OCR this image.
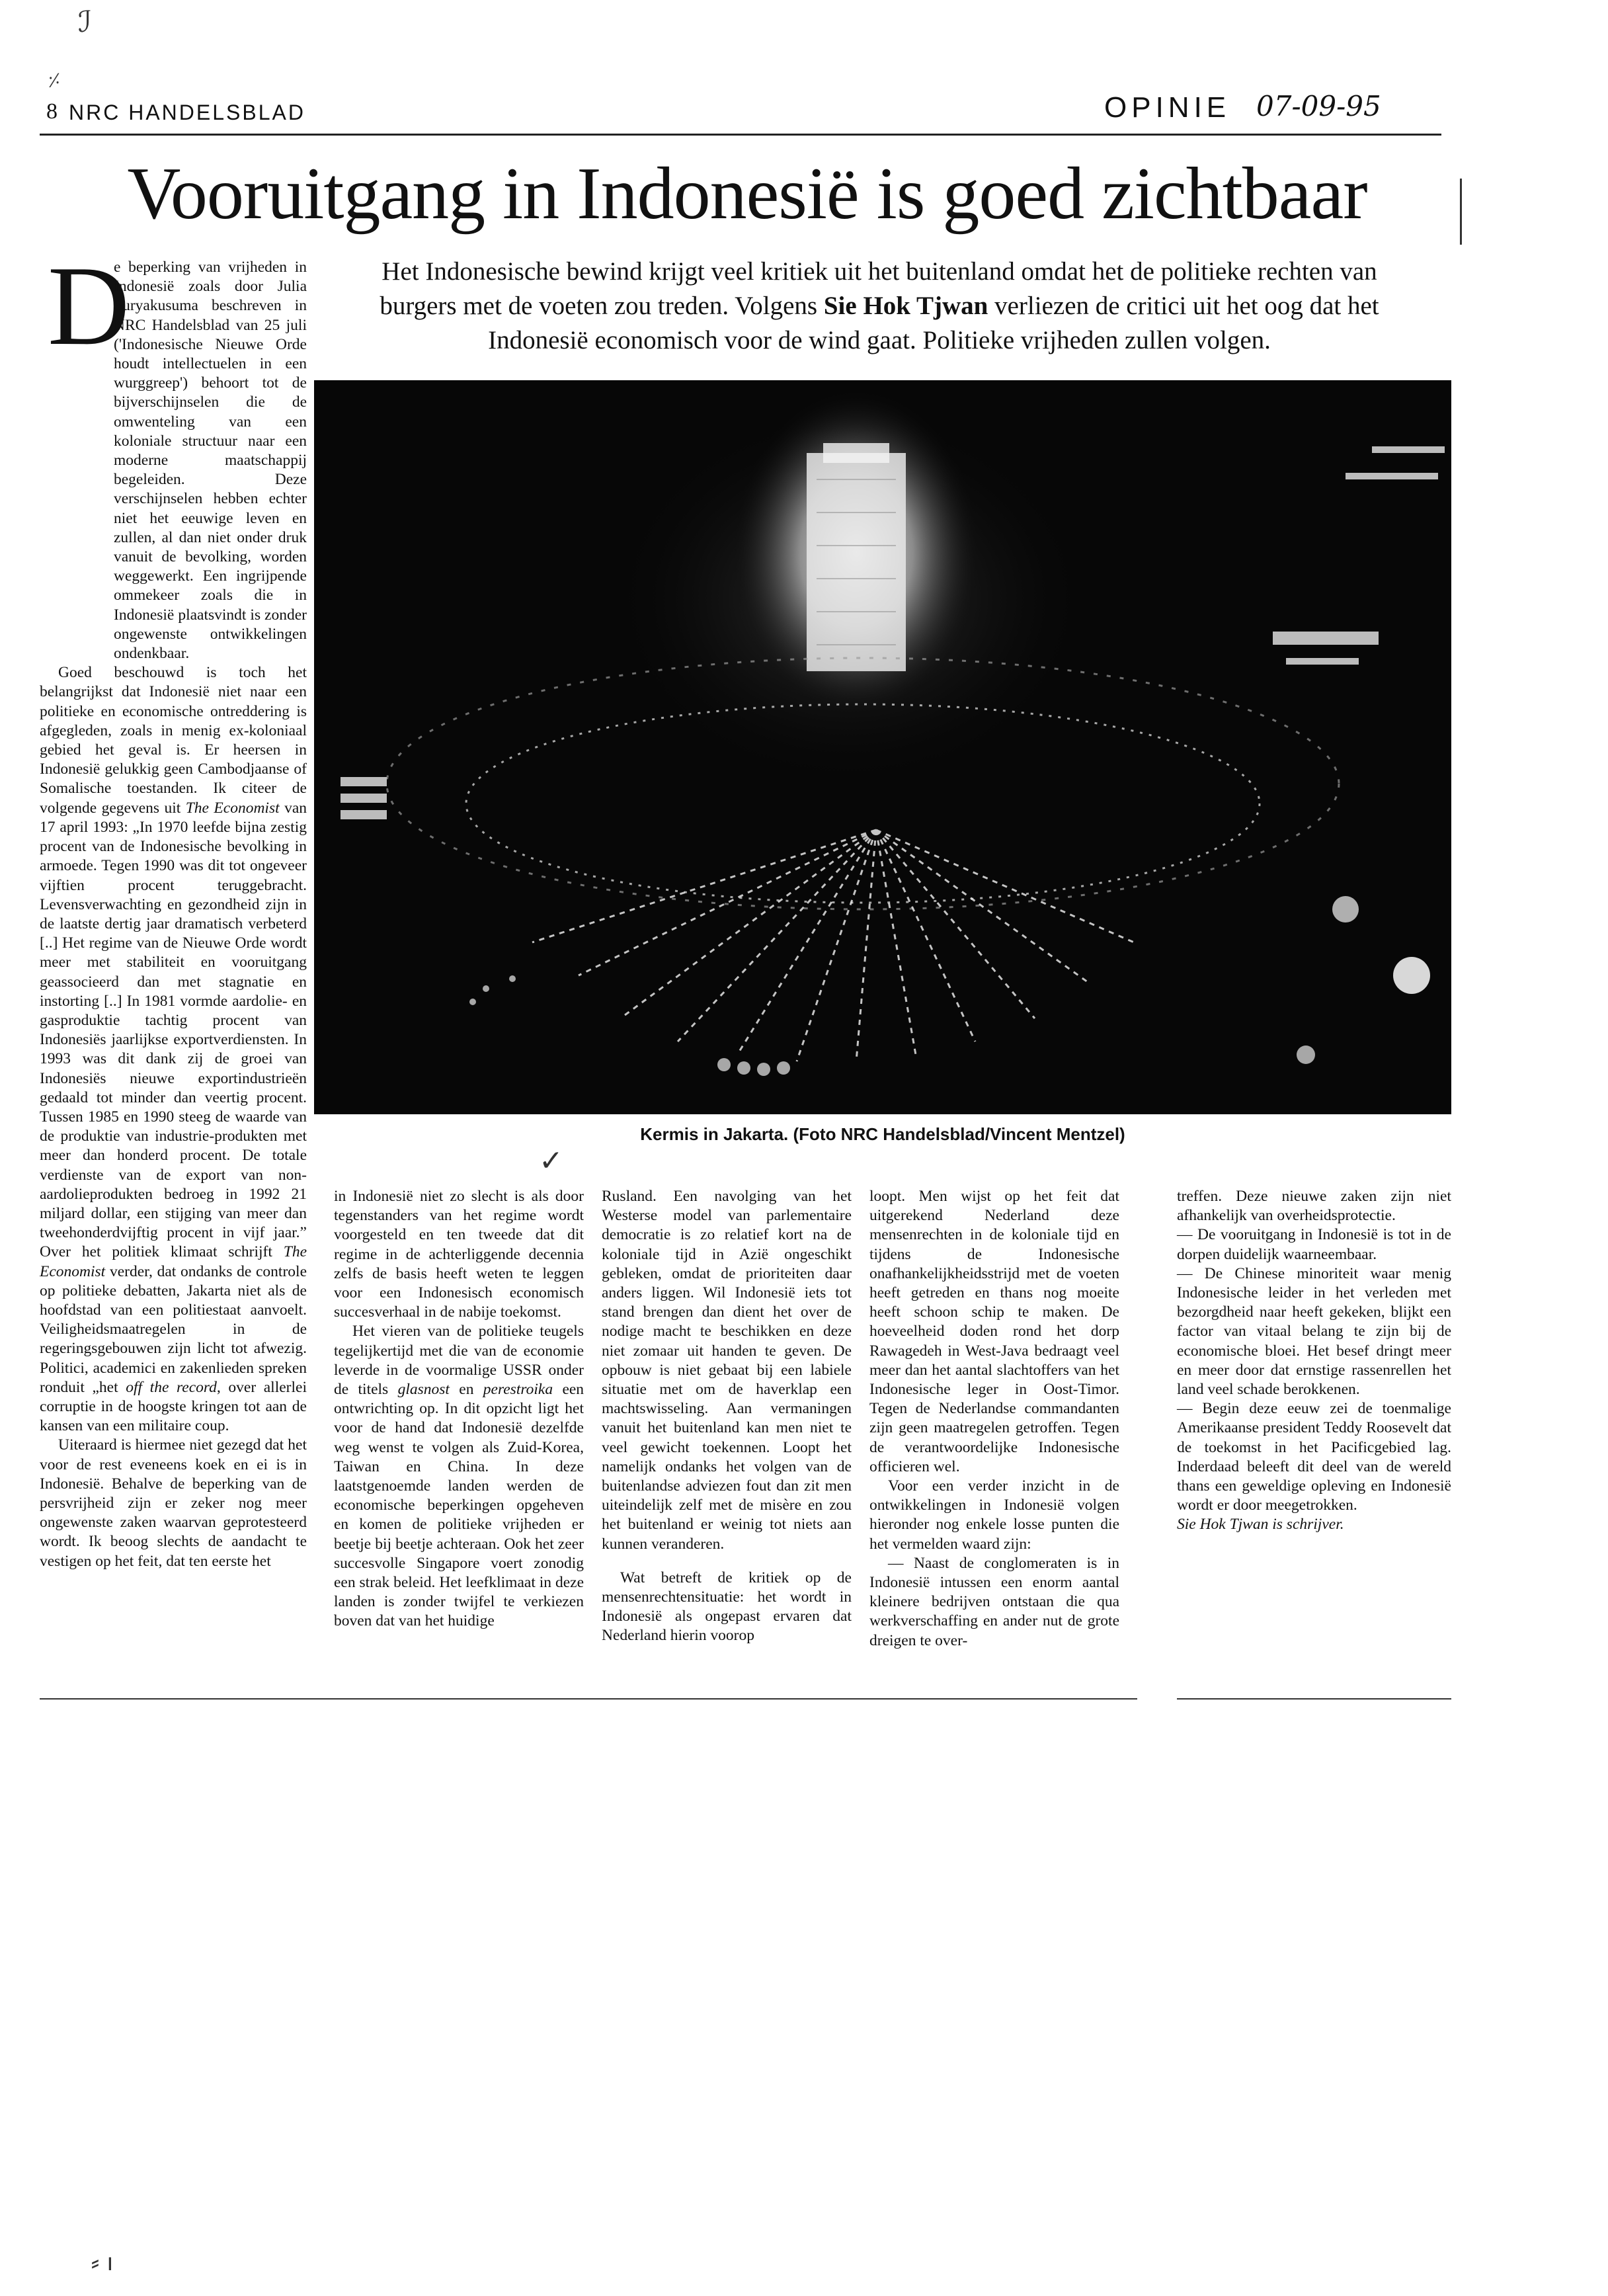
ℐ
⸓
8 NRC HANDELSBLAD	OPINIE 07-09-95
Vooruitgang in Indonesië is goed zichtbaar
D

e beperking van vrijheden in Indonesië zoals door Julia Suryakusuma beschreven in NRC Handelsblad van 25 juli ('Indonesische Nieuwe Orde houdt intellectuelen in een wurggreep') behoort tot de bijverschijnselen die de omwenteling van een koloniale structuur naar een moderne maatschappij begeleiden. Deze verschijnselen hebben echter niet het eeuwige leven en zullen, al dan niet onder druk vanuit de bevolking, worden weggewerkt. Een ingrijpende ommekeer zoals die in Indonesië plaatsvindt is zonder ongewenste ontwikkelingen ondenkbaar.

Goed beschouwd is toch het belangrijkst dat Indonesië niet naar een politieke en economische ontreddering is afgegleden, zoals in menig ex-koloniaal gebied het geval is. Er heersen in Indonesië gelukkig geen Cambodjaanse of Somalische toestanden. Ik citeer de volgende gegevens uit The Economist van 17 april 1993: „In 1970 leefde bijna zestig procent van de Indonesische bevolking in armoede. Tegen 1990 was dit tot ongeveer vijftien procent teruggebracht. Levensverwachting en gezondheid zijn in de laatste dertig jaar dramatisch verbeterd [..] Het regime van de Nieuwe Orde wordt meer met stabiliteit en vooruitgang geassocieerd dan met stagnatie en instorting [..] In 1981 vormde aardolie- en gasproduktie tachtig procent van Indonesiës jaarlijkse exportverdiensten. In 1993 was dit dank zij de groei van Indonesiës nieuwe exportindustrieën gedaald tot minder dan veertig procent. Tussen 1985 en 1990 steeg de waarde van de produktie van industrie-produkten met meer dan honderd procent. De totale verdienste van de export van non-aardolieprodukten bedroeg in 1992 21 miljard dollar, een stijging van meer dan tweehonderdvijftig procent in vijf jaar.” Over het politiek klimaat schrijft The Economist verder, dat ondanks de controle op politieke debatten, Jakarta niet als de hoofdstad van een politiestaat aanvoelt. Veiligheidsmaatregelen in de regeringsgebouwen zijn licht tot afwezig. Politici, academici en zakenlieden spreken ronduit „het off the record, over allerlei corruptie in de hoogste kringen tot aan de kansen van een militaire coup.

Uiteraard is hiermee niet gezegd dat het voor de rest eveneens koek en ei is in Indonesië. Behalve de beperking van de persvrijheid zijn er zeker nog meer ongewenste zaken waarvan geprotesteerd wordt. Ik beoog slechts de aandacht te vestigen op het feit, dat ten eerste het

Het Indonesische bewind krijgt veel kritiek uit het buitenland omdat het de politieke rechten van burgers met de voeten zou treden. Volgens Sie Hok Tjwan verliezen de critici uit het oog dat het Indonesië economisch voor de wind gaat. Politieke vrijheden zullen volgen.
Kermis in Jakarta. (Foto NRC Handelsblad/Vincent Mentzel)
✓

in Indonesië niet zo slecht is als door tegenstanders van het regime wordt voorgesteld en ten tweede dat dit regime in de achterliggende decennia zelfs de basis heeft weten te leggen voor een Indonesisch economisch succesverhaal in de nabije toekomst.

Het vieren van de politieke teugels tegelijkertijd met die van de economie leverde in de voormalige USSR onder de titels glasnost en perestroika een ontwrichting op. In dit opzicht ligt het voor de hand dat Indonesië dezelfde weg wenst te volgen als Zuid-Korea, Taiwan en China. In deze laatstgenoemde landen werden de economische beperkingen opgeheven en komen de politieke vrijheden er beetje bij beetje achteraan. Ook het zeer succesvolle Singapore voert zonodig een strak beleid. Het leefklimaat in deze landen is zonder twijfel te verkiezen boven dat van het huidige

Rusland. Een navolging van het Westerse model van parlementaire democratie is zo relatief kort na de koloniale tijd in Azië ongeschikt gebleken, omdat de prioriteiten daar anders liggen. Wil Indonesië iets tot stand brengen dan dient het over de nodige macht te beschikken en deze niet zomaar uit handen te geven. De opbouw is niet gebaat bij een labiele situatie met om de haverklap een machtswisseling. Aan vermaningen vanuit het buitenland kan men niet te veel gewicht toekennen. Loopt het namelijk ondanks het volgen van de buitenlandse adviezen fout dan zit men uiteindelijk zelf met de misère en zou het buitenland er weinig tot niets aan kunnen veranderen.

Wat betreft de kritiek op de mensenrechtensituatie: het wordt in Indonesië als ongepast ervaren dat Nederland hierin voorop

loopt. Men wijst op het feit dat uitgerekend Nederland deze mensenrechten in de koloniale tijd en tijdens de Indonesische onafhankelijkheidsstrijd met de voeten heeft getreden en thans nog moeite heeft schoon schip te maken. De hoeveelheid doden rond het dorp Rawagedeh in West-Java bedraagt veel meer dan het aantal slachtoffers van het Indonesische leger in Oost-Timor. Tegen de Nederlandse commandanten zijn geen maatregelen getroffen. Tegen de verantwoordelijke Indonesische officieren wel.

Voor een verder inzicht in de ontwikkelingen in Indonesië volgen hieronder nog enkele losse punten die het vermelden waard zijn:

— Naast de conglomeraten is in Indonesië intussen een enorm aantal kleinere bedrijven ontstaan die qua werkverschaffing en ander nut de grote dreigen te over-

treffen. Deze nieuwe zaken zijn niet afhankelijk van overheidsprotectie.

— De vooruitgang in Indonesië is tot in de dorpen duidelijk waarneembaar.

— De Chinese minoriteit waar menig Indonesische leider in het verleden met bezorgdheid naar heeft gekeken, blijkt een factor van vitaal belang te zijn bij de economische bloei. Het besef dringt meer en meer door dat ernstige rassenrellen het land veel schade berokkenen.

— Begin deze eeuw zei de toenmalige Amerikaanse president Teddy Roosevelt dat de toekomst in het Pacificgebied lag. Inderdaad beleeft dit deel van de wereld thans een geweldige opleving en Indonesië wordt er door meegetrokken.

Sie Hok Tjwan is schrijver.

⸗ ı
